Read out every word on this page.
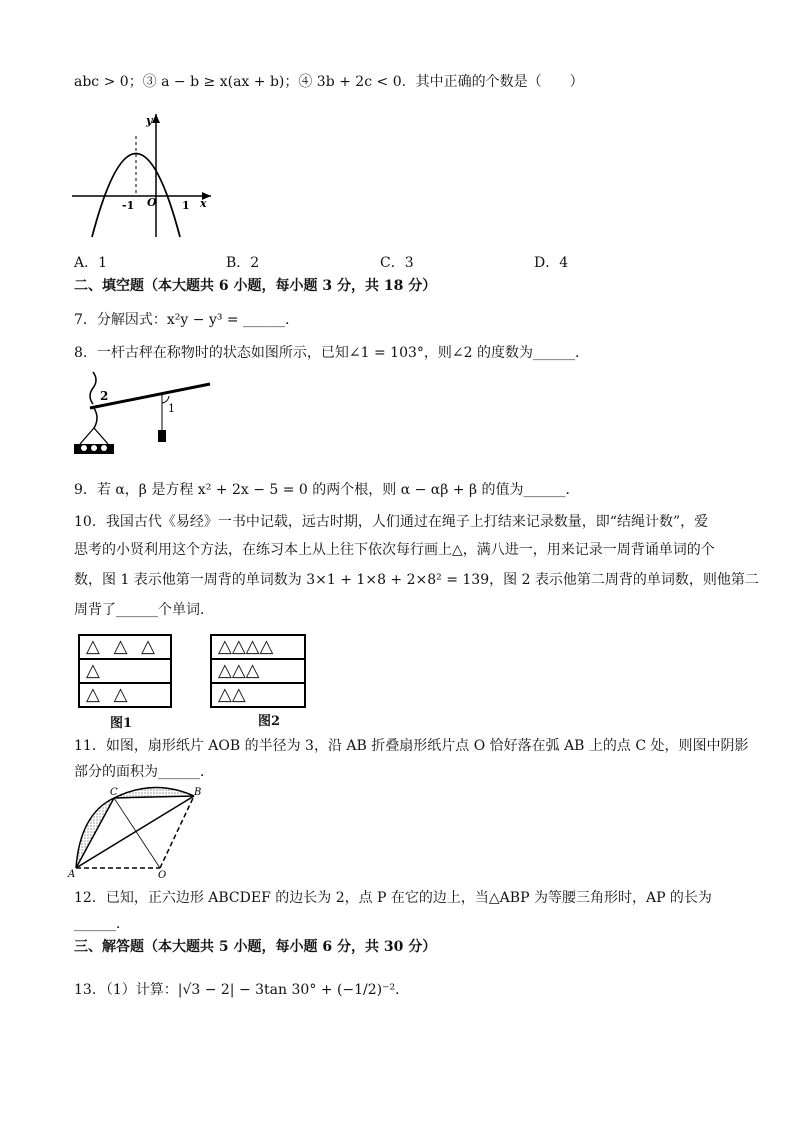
abc > 0；③ a − b ≥ x(ax + b)；④ 3b + 2c < 0．其中正确的个数是（　　）
y
x
-1 O 1
A．1	B．2	C．3	D．4
二、填空题（本大题共 6 小题，每小题 3 分，共 18 分）
7．分解因式：x²y − y³ = ______．
8．一杆古秤在称物时的状态如图所示，已知∠1 = 103°，则∠2 的度数为______．
1
2
9．若 α，β 是方程 x² + 2x − 5 = 0 的两个根，则 α − αβ + β 的值为______．
10．我国古代《易经》一书中记载，远古时期，人们通过在绳子上打结来记录数量，即“结绳计数”，爱
思考的小贤利用这个方法，在练习本上从上往下依次每行画上△，满八进一，用来记录一周背诵单词的个
数，图 1 表示他第一周背的单词数为 3×1 + 1×8 + 2×8² = 139，图 2 表示他第二周背的单词数，则他第二
周背了______个单词．
△ △ △
△
△ △
图1
△△△△
△△△
△△
图2
11．如图，扇形纸片 AOB 的半径为 3，沿 AB 折叠扇形纸片点 O 恰好落在弧 AB 上的点 C 处，则图中阴影
部分的面积为______．
C	B
A	O
12．已知，正六边形 ABCDEF 的边长为 2，点 P 在它的边上，当△ABP 为等腰三角形时，AP 的长为
______．
三、解答题（本大题共 5 小题，每小题 6 分，共 30 分）
13．（1）计算：|√3 − 2| − 3tan 30° + (−1/2)⁻²．
